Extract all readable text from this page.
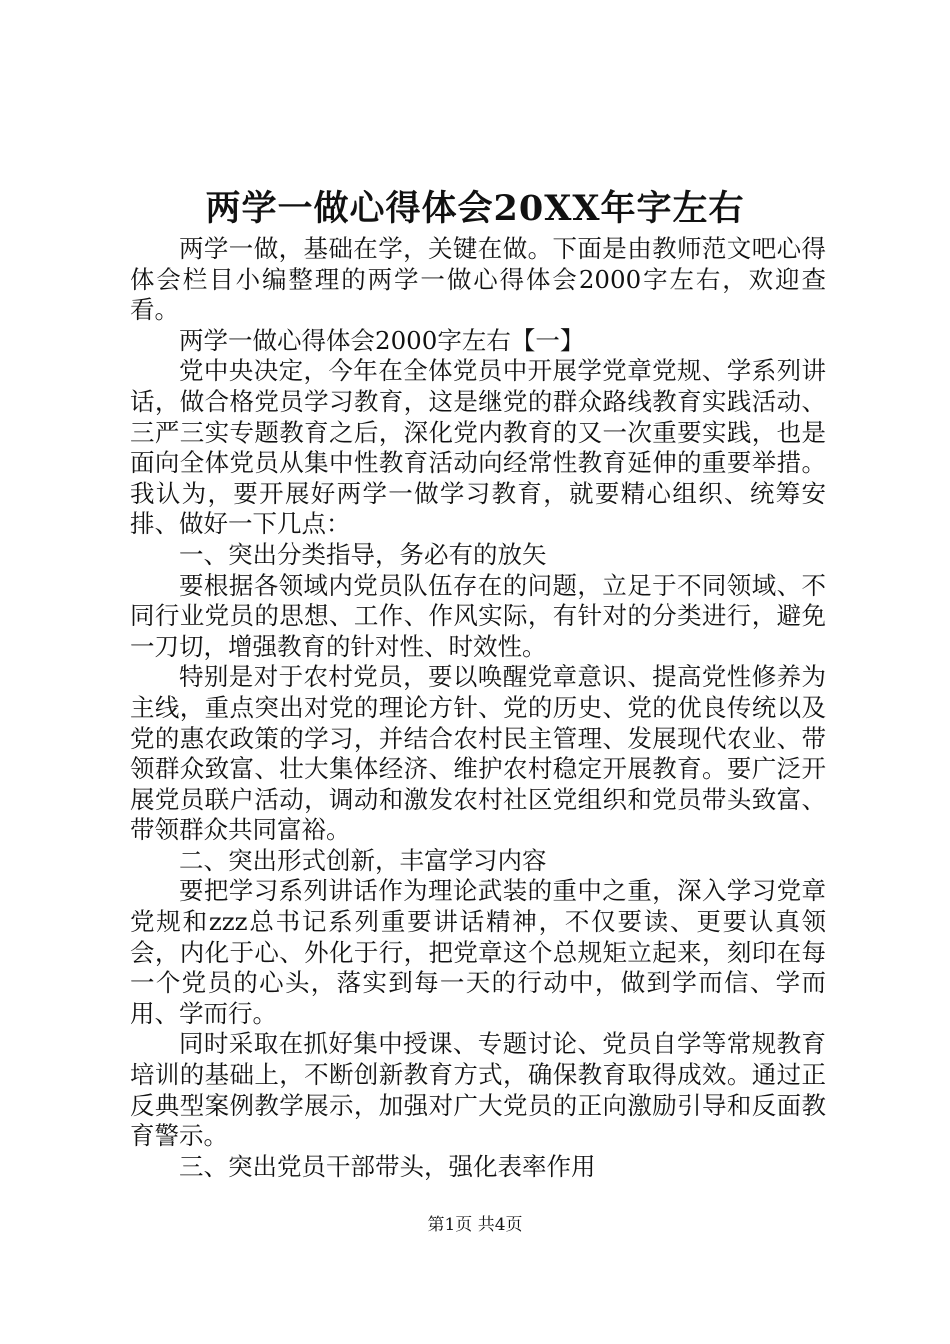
两学一做心得体会20XX年字左右

两学一做，基础在学，关键在做。下面是由教师范文吧心得体会栏目小编整理的两学一做心得体会2000字左右，欢迎查看。

两学一做心得体会2000字左右【一】

党中央决定，今年在全体党员中开展学党章党规、学系列讲话，做合格党员学习教育，这是继党的群众路线教育实践活动、三严三实专题教育之后，深化党内教育的又一次重要实践，也是面向全体党员从集中性教育活动向经常性教育延伸的重要举措。我认为，要开展好两学一做学习教育，就要精心组织、统筹安排、做好一下几点：

一、突出分类指导，务必有的放矢

要根据各领域内党员队伍存在的问题，立足于不同领域、不同行业党员的思想、工作、作风实际，有针对的分类进行，避免一刀切，增强教育的针对性、时效性。

特别是对于农村党员，要以唤醒党章意识、提高党性修养为主线，重点突出对党的理论方针、党的历史、党的优良传统以及党的惠农政策的学习，并结合农村民主管理、发展现代农业、带领群众致富、壮大集体经济、维护农村稳定开展教育。要广泛开展党员联户活动，调动和激发农村社区党组织和党员带头致富、带领群众共同富裕。

二、突出形式创新，丰富学习内容

要把学习系列讲话作为理论武装的重中之重，深入学习党章党规和zzz总书记系列重要讲话精神，不仅要读、更要认真领会，内化于心、外化于行，把党章这个总规矩立起来，刻印在每一个党员的心头，落实到每一天的行动中，做到学而信、学而用、学而行。

同时采取在抓好集中授课、专题讨论、党员自学等常规教育培训的基础上，不断创新教育方式，确保教育取得成效。通过正反典型案例教学展示，加强对广大党员的正向激励引导和反面教育警示。

三、突出党员干部带头，强化表率作用

第1页 共4页
